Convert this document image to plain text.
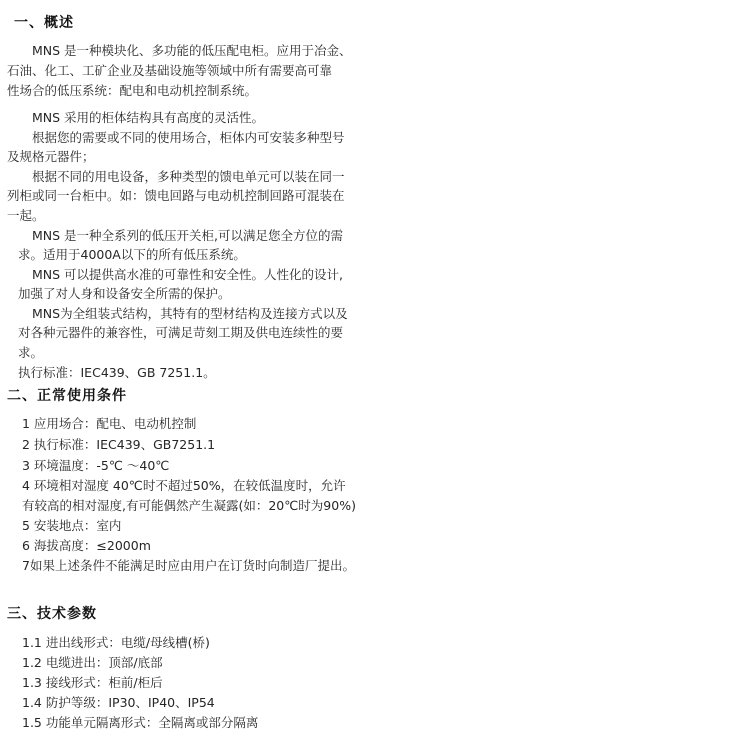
一、概述
MNS 是一种模块化、多功能的低压配电柜。应用于冶金、
石油、化工、工矿企业及基础设施等领域中所有需要高可靠
性场合的低压系统：配电和电动机控制系统。
MNS 采用的柜体结构具有高度的灵活性。
根据您的需要或不同的使用场合，柜体内可安装多种型号
及规格元器件；
根据不同的用电设备，多种类型的馈电单元可以装在同一
列柜或同一台柜中。如：馈电回路与电动机控制回路可混装在
一起。
MNS 是一种全系列的低压开关柜,可以满足您全方位的需
求。适用于4000A以下的所有低压系统。
MNS 可以提供高水准的可靠性和安全性。人性化的设计,
加强了对人身和设备安全所需的保护。
MNS为全组装式结构，其特有的型材结构及连接方式以及
对各种元器件的兼容性，可满足苛刻工期及供电连续性的要
求。
执行标准：IEC439、GB 7251.1。
二、正常使用条件
1 应用场合：配电、电动机控制
2 执行标准：IEC439、GB7251.1
3 环境温度：-5℃ ～40℃
4 环境相对湿度 40℃时不超过50%，在较低温度时，允许
有较高的相对湿度,有可能偶然产生凝露(如：20℃时为90%)
5 安装地点：室内
6 海拔高度：≤2000m
7如果上述条件不能满足时应由用户在订货时向制造厂提出。
三、技术参数
1.1 进出线形式：电缆/母线槽(桥)
1.2 电缆进出：顶部/底部
1.3 接线形式：柜前/柜后
1.4 防护等级：IP30、IP40、IP54
1.5 功能单元隔离形式：全隔离或部分隔离
